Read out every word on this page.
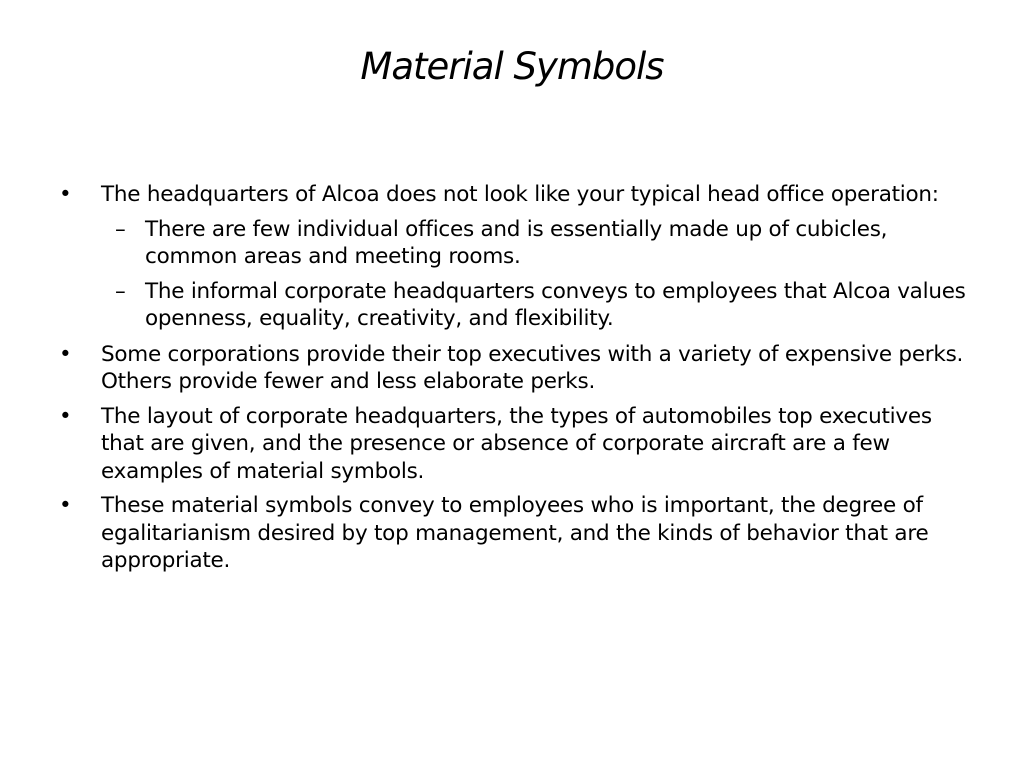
Material Symbols

• The headquarters of Alcoa does not look like your typical head office operation:

– There are few individual offices and is essentially made up of cubicles, common areas and meeting rooms.

– The informal corporate headquarters conveys to employees that Alcoa values openness, equality, creativity, and flexibility.

• Some corporations provide their top executives with a variety of expensive perks. Others provide fewer and less elaborate perks.

• The layout of corporate headquarters, the types of automobiles top executives that are given, and the presence or absence of corporate aircraft are a few examples of material symbols.

• These material symbols convey to employees who is important, the degree of egalitarianism desired by top management, and the kinds of behavior that are appropriate.
